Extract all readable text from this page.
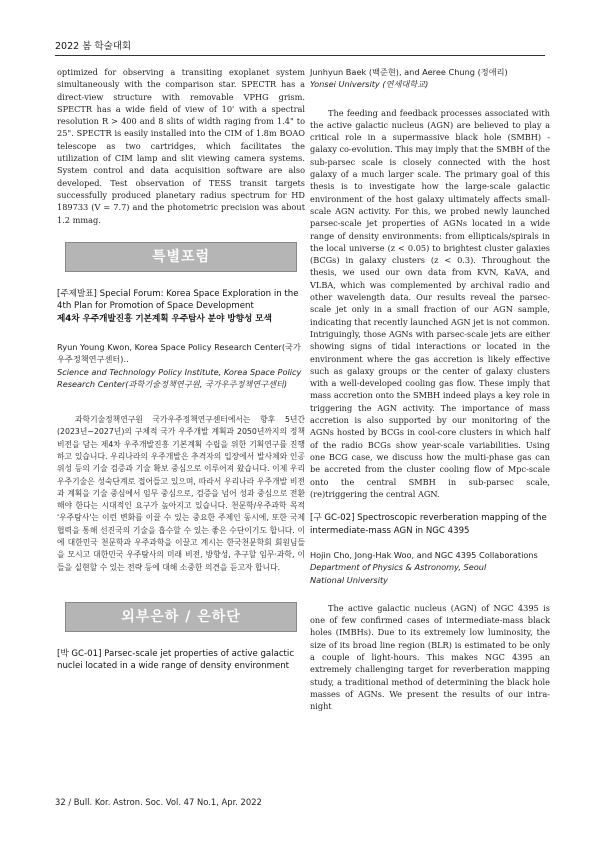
2022 봄 학술대회

optimized for observing a transiting exoplanet system simultaneously with the comparison star. SPECTR has a direct-view structure with removable VPHG grism. SPECTR has a wide field of view of 10' with a spectral resolution R > 400 and 8 slits of width raging from 1.4" to 25". SPECTR is easily installed into the CIM of 1.8m BOAO telescope as two cartridges, which facilitates the utilization of CIM lamp and slit viewing camera systems. System control and data acquisition software are also developed. Test observation of TESS transit targets successfully produced planetary radius spectrum for HD 189733 (V = 7.7) and the photometric precision was about 1.2 mmag.

특별포럼

[주제발표] Special Forum: Korea Space Exploration in the 4th Plan for Promotion of Space Development
제4차 우주개발진흥 기본계획 우주탐사 분야 방향성 모색

Ryun Young Kwon, Korea Space Policy Research Center(국가우주정책연구센터)..

Science and Technology Policy Institute, Korea Space Policy Research Center(과학기술정책연구원, 국가우주정책연구센터)

과학기술정책연구원 국가우주정책연구센터에서는 향후 5년간(2023년~2027년)의 구체적 국가 우주개발 계획과 2050년까지의 정책비전을 담는 제4차 우주개발진흥 기본계획 수립을 위한 기획연구를 진행하고 있습니다. 우리나라의 우주개발은 추격자의 입장에서 발사체와 인공위성 등의 기술 검증과 기술 확보 중심으로 이루어져 왔습니다. 이제 우리 우주기술은 성숙단계로 접어들고 있으며, 따라서 우리나라 우주개발 비전과 계획을 기술 중심에서 임무 중심으로, 검증을 넘어 성과 중심으로 전환해야 한다는 시대적인 요구가 높아지고 있습니다. 천문학/우주과학 목적 '우주탐사'는 이런 변화를 이끌 수 있는 중요한 주제인 동시에, 또한 국제협력을 통해 선진국의 기술을 흡수할 수 있는 좋은 수단이기도 합니다. 이에 대한민국 천문학과 우주과학을 이끌고 계시는 한국천문학회 회원님들을 모시고 대한민국 우주탐사의 미래 비전, 방향성, 추구할 임무·과학, 이들을 실현할 수 있는 전략 등에 대해 소중한 의견을 듣고자 합니다.

외부은하 / 은하단

[박 GC-01] Parsec-scale jet properties of active galactic nuclei located in a wide range of density environment

Junhyun Baek (백준현), and Aeree Chung (정애리)

Yonsei University (연세대학교)

The feeding and feedback processes associated with the active galactic nucleus (AGN) are believed to play a critical role in a supermassive black hole (SMBH) - galaxy co-evolution. This may imply that the SMBH of the sub-parsec scale is closely connected with the host galaxy of a much larger scale. The primary goal of this thesis is to investigate how the large-scale galactic environment of the host galaxy ultimately affects small-scale AGN activity. For this, we probed newly launched parsec-scale jet properties of AGNs located in a wide range of density environments: from ellipticals/spirals in the local universe (z < 0.05) to brightest cluster galaxies (BCGs) in galaxy clusters (z < 0.3). Throughout the thesis, we used our own data from KVN, KaVA, and VLBA, which was complemented by archival radio and other wavelength data. Our results reveal the parsec-scale jet only in a small fraction of our AGN sample, indicating that recently launched AGN jet is not common. Intriguingly, those AGNs with parsec-scale jets are either showing signs of tidal interactions or located in the environment where the gas accretion is likely effective such as galaxy groups or the center of galaxy clusters with a well-developed cooling gas flow. These imply that mass accretion onto the SMBH indeed plays a key role in triggering the AGN activity. The importance of mass accretion is also supported by our monitoring of the AGNs hosted by BCGs in cool-core clusters in which half of the radio BCGs show year-scale variabilities. Using one BCG case, we discuss how the multi-phase gas can be accreted from the cluster cooling flow of Mpc-scale onto the central SMBH in sub-parsec scale, (re)triggering the central AGN.

[구 GC-02] Spectroscopic reverberation mapping of the intermediate-mass AGN in NGC 4395

Hojin Cho, Jong-Hak Woo, and NGC 4395 Collaborations

Department of Physics & Astronomy, Seoul

National University

The active galactic nucleus (AGN) of NGC 4395 is one of few confirmed cases of intermediate-mass black holes (IMBHs). Due to its extremely low luminosity, the size of its broad line region (BLR) is estimated to be only a couple of light-hours. This makes NGC 4395 an extremely challenging target for reverberation mapping study, a traditional method of determining the black hole masses of AGNs. We present the results of our intra-night

32 / Bull. Kor. Astron. Soc. Vol. 47 No.1, Apr. 2022
